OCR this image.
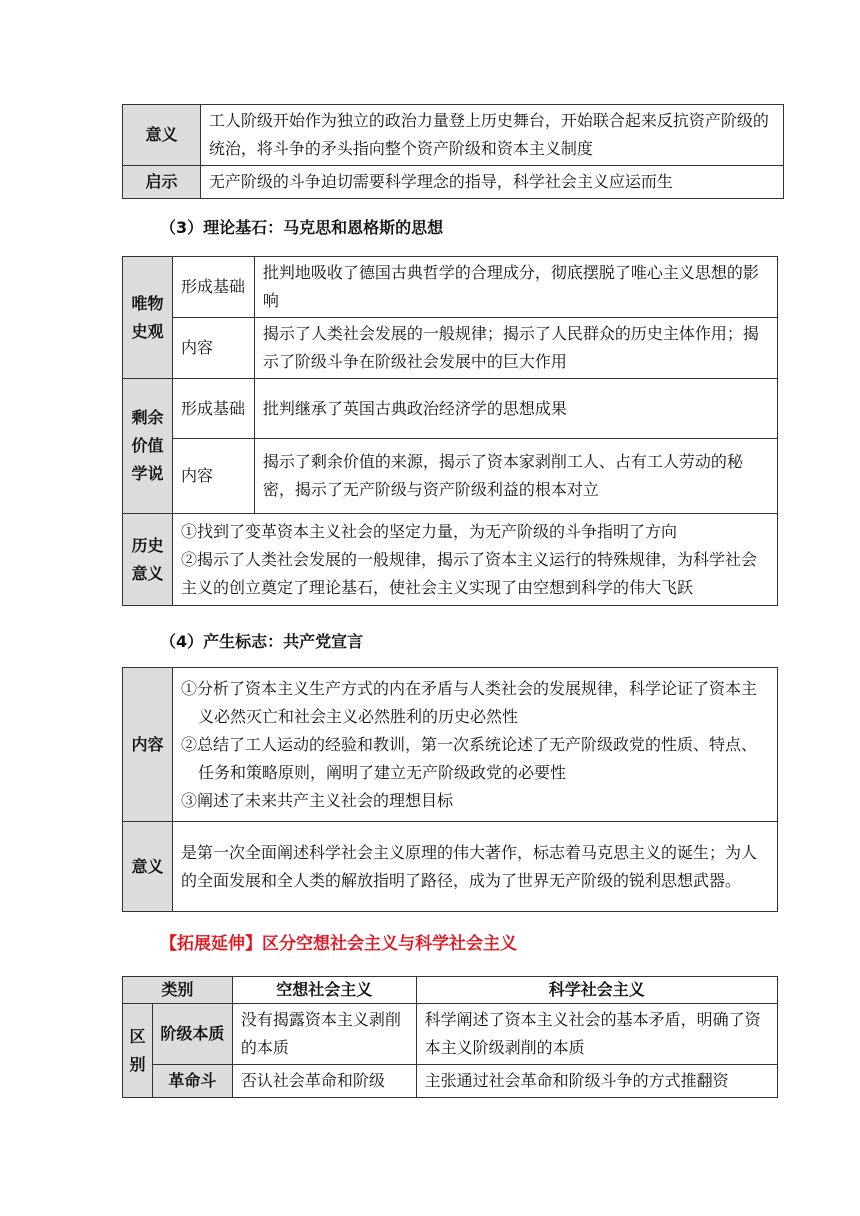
意义	工人阶级开始作为独立的政治力量登上历史舞台，开始联合起来反抗资产阶级的统治，将斗争的矛头指向整个资产阶级和资本主义制度
启示	无产阶级的斗争迫切需要科学理念的指导，科学社会主义应运而生
（3）理论基石：马克思和恩格斯的思想
唯物史观	形成基础	批判地吸收了德国古典哲学的合理成分，彻底摆脱了唯心主义思想的影响
	内容	揭示了人类社会发展的一般规律；揭示了人民群众的历史主体作用；揭示了阶级斗争在阶级社会发展中的巨大作用
剩余价值学说	形成基础	批判继承了英国古典政治经济学的思想成果
	内容	揭示了剩余价值的来源，揭示了资本家剥削工人、占有工人劳动的秘密，揭示了无产阶级与资产阶级利益的根本对立
历史意义	①找到了变革资本主义社会的坚定力量，为无产阶级的斗争指明了方向
②揭示了人类社会发展的一般规律，揭示了资本主义运行的特殊规律，为科学社会主义的创立奠定了理论基石，使社会主义实现了由空想到科学的伟大飞跃	
（4）产生标志：共产党宣言
内容	①分析了资本主义生产方式的内在矛盾与人类社会的发展规律，科学论证了资本主义必然灭亡和社会主义必然胜利的历史必然性
②总结了工人运动的经验和教训，第一次系统论述了无产阶级政党的性质、特点、任务和策略原则，阐明了建立无产阶级政党的必要性
③阐述了未来共产主义社会的理想目标

意义	是第一次全面阐述科学社会主义原理的伟大著作，标志着马克思主义的诞生；为人的全面发展和全人类的解放指明了路径，成为了世界无产阶级的锐利思想武器。
【拓展延伸】区分空想社会主义与科学社会主义
类别		空想社会主义	科学社会主义
区别	阶级本质	没有揭露资本主义剥削的本质	科学阐述了资本主义社会的基本矛盾，明确了资本主义阶级剥削的本质
	革命斗	否认社会革命和阶级	主张通过社会革命和阶级斗争的方式推翻资
